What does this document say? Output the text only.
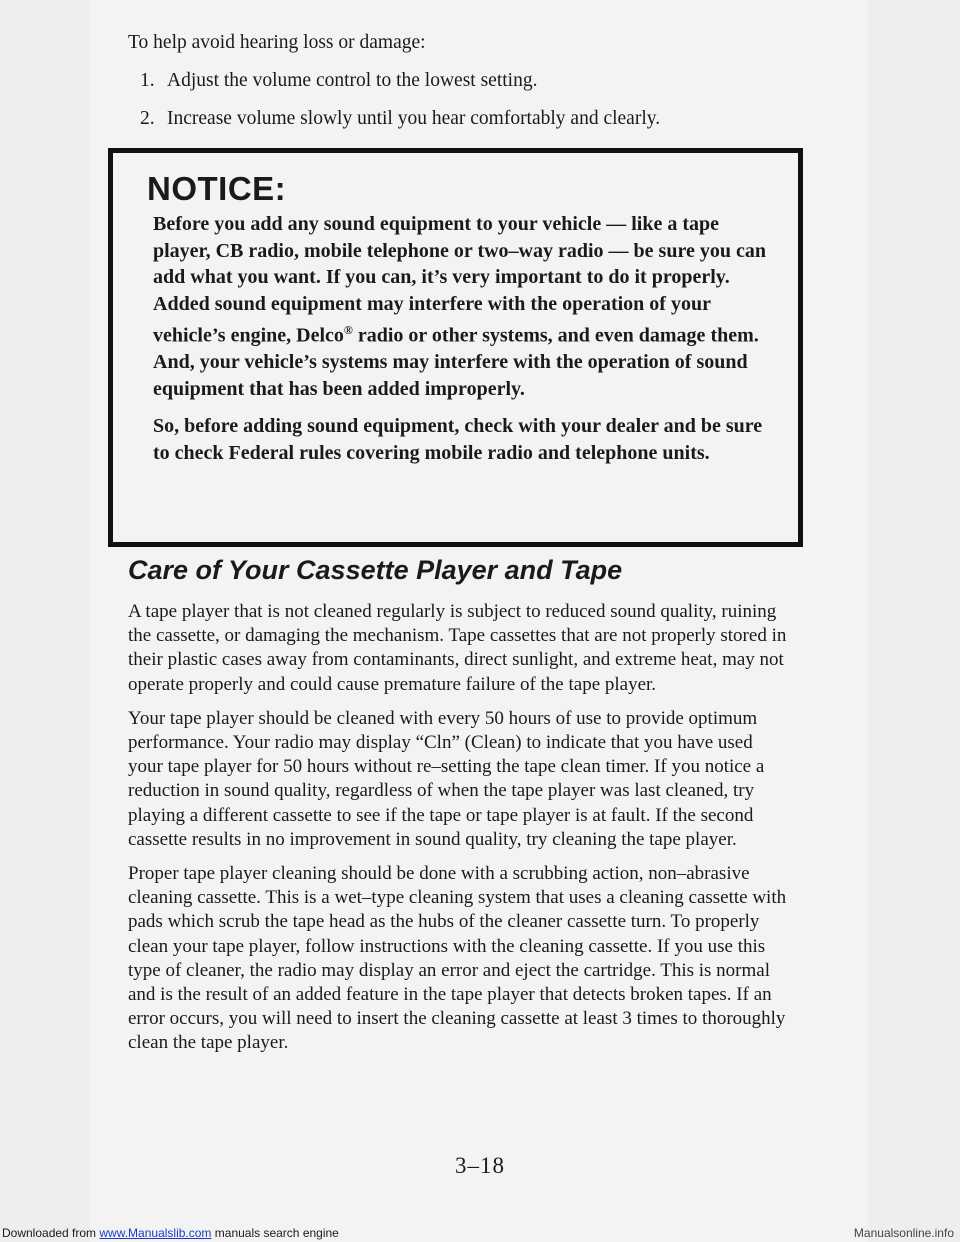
To help avoid hearing loss or damage:

1. Adjust the volume control to the lowest setting.
2. Increase volume slowly until you hear comfortably and clearly.
NOTICE:

Before you add any sound equipment to your vehicle — like a tape player, CB radio, mobile telephone or two–way radio — be sure you can add what you want. If you can, it’s very important to do it properly. Added sound equipment may interfere with the operation of your vehicle’s engine, Delco® radio or other systems, and even damage them. And, your vehicle’s systems may interfere with the operation of sound equipment that has been added improperly.

So, before adding sound equipment, check with your dealer and be sure to check Federal rules covering mobile radio and telephone units.

Care of Your Cassette Player and Tape

A tape player that is not cleaned regularly is subject to reduced sound quality, ruining the cassette, or damaging the mechanism. Tape cassettes that are not properly stored in their plastic cases away from contaminants, direct sunlight, and extreme heat, may not operate properly and could cause premature failure of the tape player.

Your tape player should be cleaned with every 50 hours of use to provide optimum performance. Your radio may display “Cln” (Clean) to indicate that you have used your tape player for 50 hours without re–setting the tape clean timer. If you notice a reduction in sound quality, regardless of when the tape player was last cleaned, try playing a different cassette to see if the tape or tape player is at fault. If the second cassette results in no improvement in sound quality, try cleaning the tape player.

Proper tape player cleaning should be done with a scrubbing action, non–abrasive cleaning cassette. This is a wet–type cleaning system that uses a cleaning cassette with pads which scrub the tape head as the hubs of the cleaner cassette turn. To properly clean your tape player, follow instructions with the cleaning cassette. If you use this type of cleaner, the radio may display an error and eject the cartridge. This is normal and is the result of an added feature in the tape player that detects broken tapes. If an error occurs, you will need to insert the cleaning cassette at least 3 times to thoroughly clean the tape player.

3–18
Downloaded from www.Manualslib.com manuals search engine	Manualsonline.info
